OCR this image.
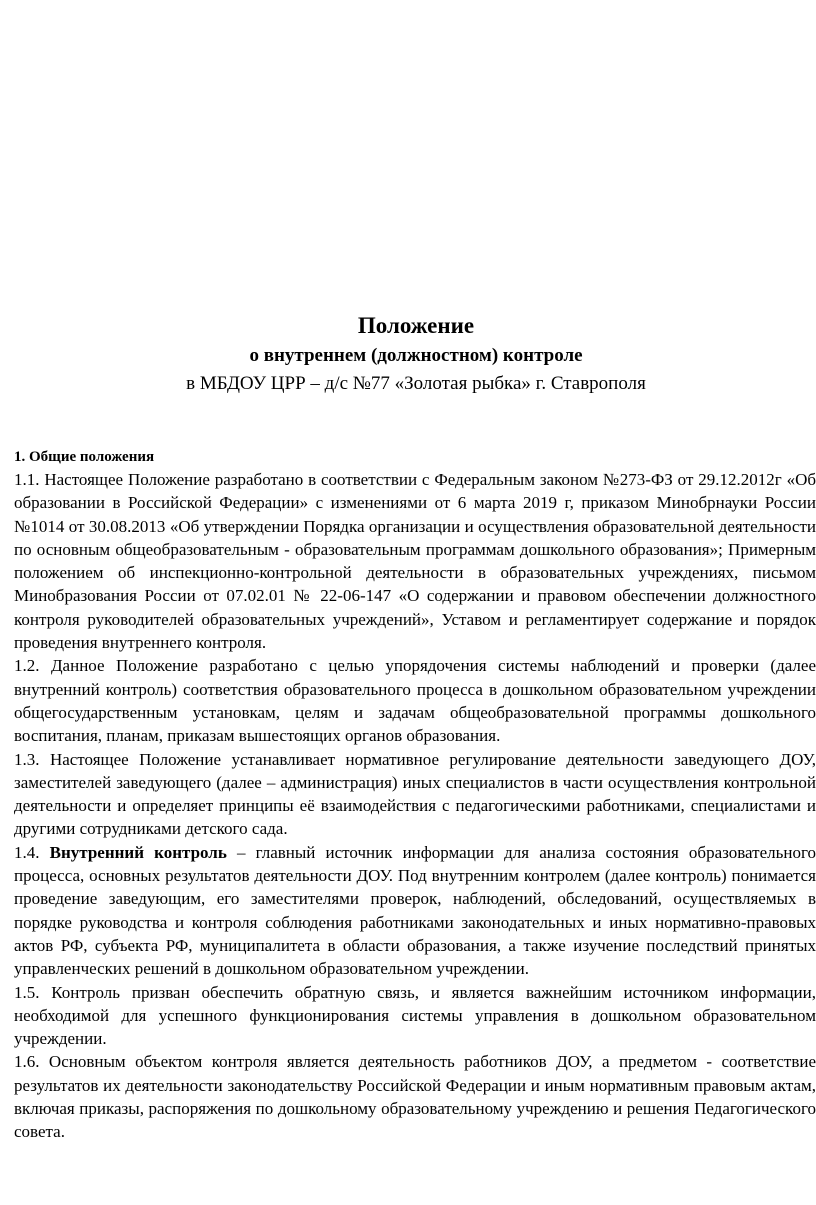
Положение
о внутреннем (должностном) контроле
в МБДОУ ЦРР – д/с №77 «Золотая рыбка» г. Ставрополя
1. Общие положения

1.1. Настоящее Положение разработано в соответствии с Федеральным законом №273-ФЗ от 29.12.2012г «Об образовании в Российской Федерации» с изменениями от 6 марта 2019 г, приказом Минобрнауки России №1014 от 30.08.2013 «Об утверждении Порядка организации и осуществления образовательной деятельности по основным общеобразовательным - образовательным программам дошкольного образования»; Примерным положением об инспекционно-контрольной деятельности в образовательных учреждениях, письмом Минобразования России от 07.02.01 № 22-06-147 «О содержании и правовом обеспечении должностного контроля руководителей образовательных учреждений», Уставом и регламентирует содержание и порядок проведения внутреннего контроля.

1.2. Данное Положение разработано с целью упорядочения системы наблюдений и проверки (далее внутренний контроль) соответствия образовательного процесса в дошкольном образовательном учреждении общегосударственным установкам, целям и задачам общеобразовательной программы дошкольного воспитания, планам, приказам вышестоящих органов образования.

1.3. Настоящее Положение устанавливает нормативное регулирование деятельности заведующего ДОУ, заместителей заведующего (далее – администрация) иных специалистов в части осуществления контрольной деятельности и определяет принципы её взаимодействия с педагогическими работниками, специалистами и другими сотрудниками детского сада.

1.4. Внутренний контроль – главный источник информации для анализа состояния образовательного процесса, основных результатов деятельности ДОУ. Под внутренним контролем (далее контроль) понимается проведение заведующим, его заместителями проверок, наблюдений, обследований, осуществляемых в порядке руководства и контроля соблюдения работниками законодательных и иных нормативно-правовых актов РФ, субъекта РФ, муниципалитета в области образования, а также изучение последствий принятых управленческих решений в дошкольном образовательном учреждении.

1.5. Контроль призван обеспечить обратную связь, и является важнейшим источником информации, необходимой для успешного функционирования системы управления в дошкольном образовательном учреждении.

1.6. Основным объектом контроля является деятельность работников ДОУ, а предметом - соответствие результатов их деятельности законодательству Российской Федерации и иным нормативным правовым актам, включая приказы, распоряжения по дошкольному образовательному учреждению и решения Педагогического совета.
